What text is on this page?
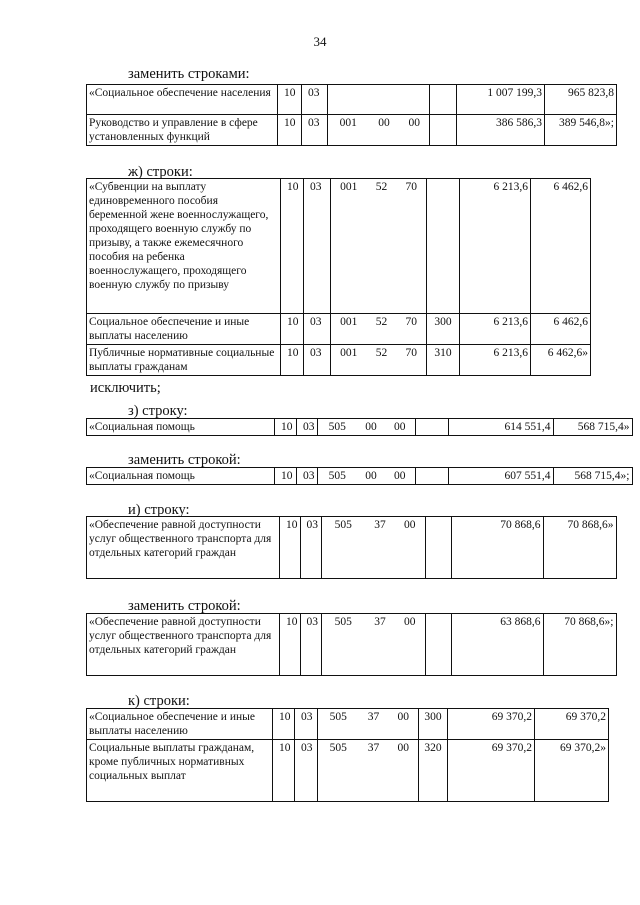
34
заменить строками:
«Социальное обеспечение населения	10	03					1 007 199,3	965 823,8
Руководство и управление в сфере установленных функций	10	03	001	00	00		386 586,3	389 546,8»;
ж) строки:
«Субвенции на выплату единовременного пособия беременной жене военнослужащего, проходящего военную службу по призыву, а также ежемесячного пособия на ребенка военнослужащего, проходящего военную службу по призыву	10	03	001	52	70		6 213,6	6 462,6
Социальное обеспечение и иные выплаты населению	10	03	001	52	70	300	6 213,6	6 462,6
Публичные нормативные социальные выплаты гражданам	10	03	001	52	70	310	6 213,6	6 462,6»
исключить;
з) строку:
«Социальная помощь	10	03	505	00	00		614 551,4	568 715,4»
заменить строкой:
«Социальная помощь	10	03	505	00	00		607 551,4	568 715,4»;
и) строку:
«Обеспечение равной доступности услуг общественного транспорта для отдельных категорий граждан	10	03	505	37	00		70 868,6	70 868,6»
заменить строкой:
«Обеспечение равной доступности услуг общественного транспорта для отдельных категорий граждан	10	03	505	37	00		63 868,6	70 868,6»;
к) строки:
«Социальное обеспечение и иные выплаты населению	10	03	505	37	00	300	69 370,2	69 370,2
Социальные выплаты гражданам, кроме публичных нормативных социальных выплат	10	03	505	37	00	320	69 370,2	69 370,2»
